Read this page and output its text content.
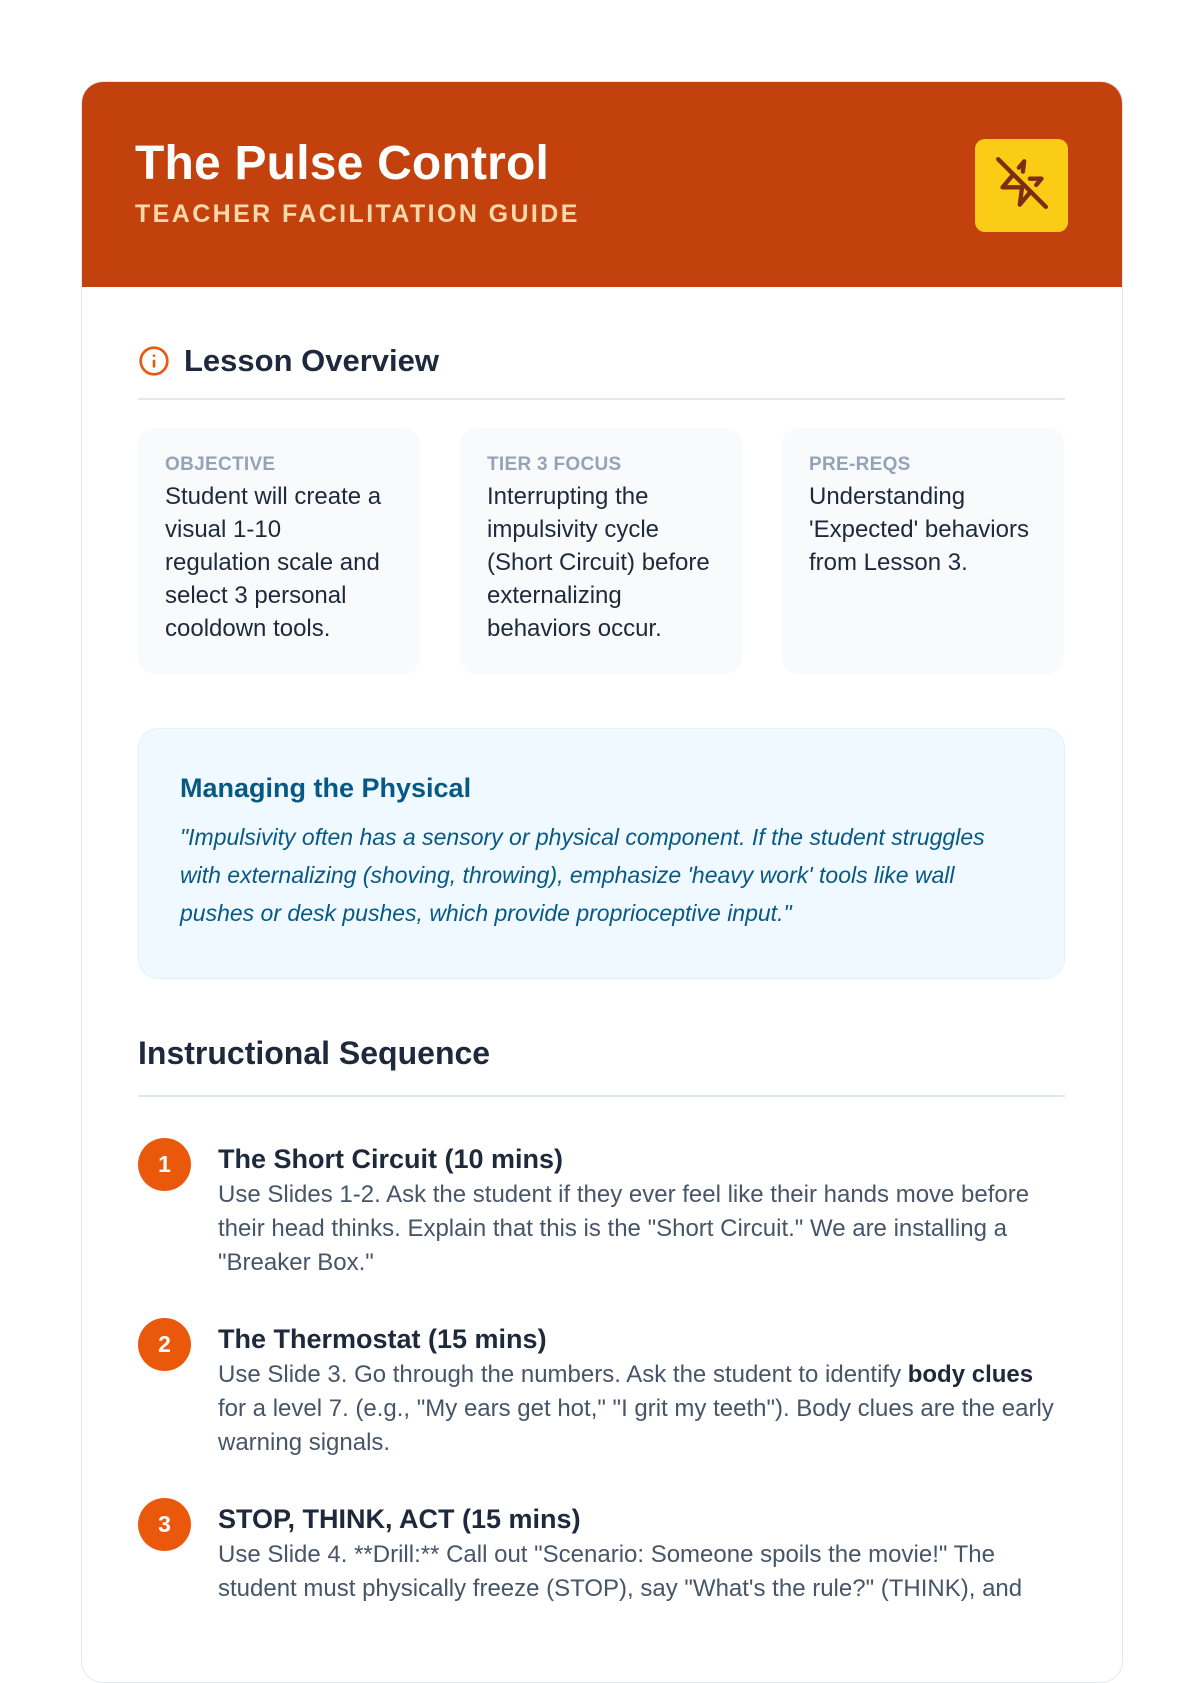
The Pulse Control
TEACHER FACILITATION GUIDE
Lesson Overview
OBJECTIVE
Student will create a visual 1-10 regulation scale and select 3 personal cooldown tools.
TIER 3 FOCUS
Interrupting the impulsivity cycle (Short Circuit) before externalizing behaviors occur.
PRE-REQS
Understanding 'Expected' behaviors from Lesson 3.
Managing the Physical
"Impulsivity often has a sensory or physical component. If the student struggles with externalizing (shoving, throwing), emphasize 'heavy work' tools like wall pushes or desk pushes, which provide proprioceptive input."
Instructional Sequence
1	The Short Circuit (10 mins)
Use Slides 1-2. Ask the student if they ever feel like their hands move before their head thinks. Explain that this is the "Short Circuit." We are installing a "Breaker Box."
2	The Thermostat (15 mins)
Use Slide 3. Go through the numbers. Ask the student to identify body clues for a level 7. (e.g., "My ears get hot," "I grit my teeth"). Body clues are the early warning signals.
3	STOP, THINK, ACT (15 mins)
Use Slide 4. **Drill:** Call out "Scenario: Someone spoils the movie!" The student must physically freeze (STOP), say "What's the rule?" (THINK), and
